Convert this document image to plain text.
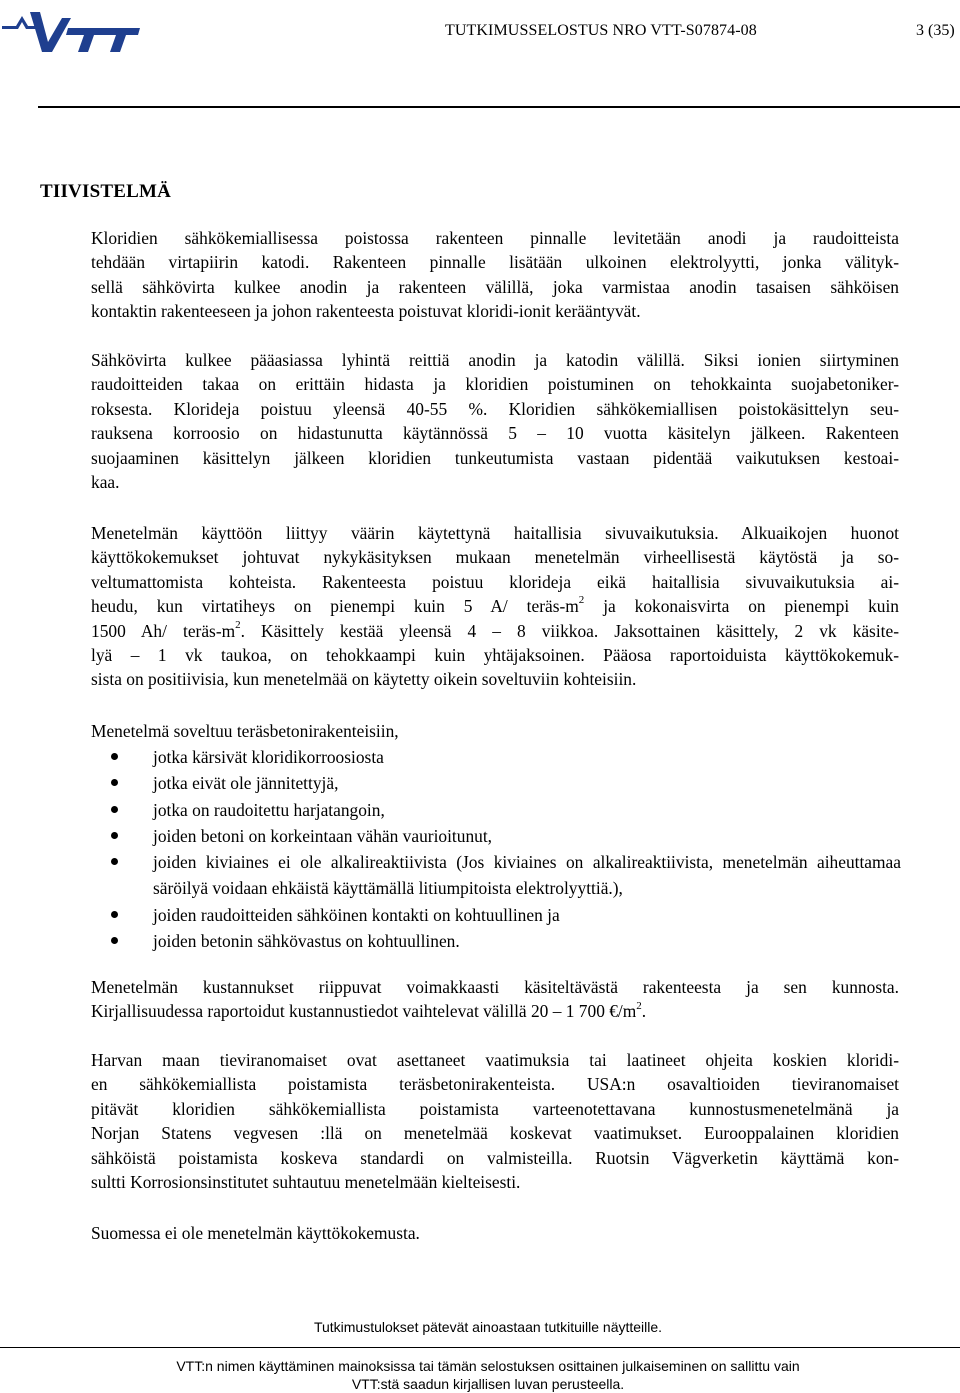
TUTKIMUSSELOSTUS NRO VTT-S07874-08	3 (35)
TIIVISTELMÄ
Kloridien sähkökemiallisessa poistossa rakenteen pinnalle levitetään anodi ja raudoitteista
tehdään virtapiirin katodi. Rakenteen pinnalle lisätään ulkoinen elektrolyytti, jonka välityk-
sellä sähkövirta kulkee anodin ja rakenteen välillä, joka varmistaa anodin tasaisen sähköisen
kontaktin rakenteeseen ja johon rakenteesta poistuvat kloridi-ionit kerääntyvät.
Sähkövirta kulkee pääasiassa lyhintä reittiä anodin ja katodin välillä. Siksi ionien siirtyminen
raudoitteiden takaa on erittäin hidasta ja kloridien poistuminen on tehokkainta suojabetoniker-
roksesta. Klorideja poistuu yleensä 40-55 %. Kloridien sähkökemiallisen poistokäsittelyn seu-
rauksena korroosio on hidastunutta käytännössä 5 – 10 vuotta käsitelyn jälkeen. Rakenteen
suojaaminen käsittelyn jälkeen kloridien tunkeutumista vastaan pidentää vaikutuksen kestoai-
kaa.
Menetelmän käyttöön liittyy väärin käytettynä haitallisia sivuvaikutuksia. Alkuaikojen huonot
käyttökokemukset johtuvat nykykäsityksen mukaan menetelmän virheellisestä käytöstä ja so-
veltumattomista kohteista. Rakenteesta poistuu klorideja eikä haitallisia sivuvaikutuksia ai-
heudu, kun virtatiheys on pienempi kuin 5 A/ teräs-$m^2$ ja kokonaisvirta on pienempi kuin
1500 Ah/ teräs-$m^2$. Käsittely kestää yleensä 4 – 8 viikkoa. Jaksottainen käsittely, 2 vk käsite-
lyä – 1 vk taukoa, on tehokkaampi kuin yhtäjaksoinen. Pääosa raportoiduista käyttökokemuk-
sista on positiivisia, kun menetelmää on käytetty oikein soveltuviin kohteisiin.
Menetelmä soveltuu teräsbetonirakenteisiin,
jotka kärsivät kloridikorroosiosta
jotka eivät ole jännitettyjä,
jotka on raudoitettu harjatangoin,
joiden betoni on korkeintaan vähän vaurioitunut,
joiden kiviaines ei ole alkalireaktiivista (Jos kiviaines on alkalireaktiivista, menetelmän aiheuttamaa säröilyä voidaan ehkäistä käyttämällä litiumpitoista elektrolyyttiä.),
joiden raudoitteiden sähköinen kontakti on kohtuullinen ja
joiden betonin sähkövastus on kohtuullinen.
Menetelmän kustannukset riippuvat voimakkaasti käsiteltävästä rakenteesta ja sen kunnosta.
Kirjallisuudessa raportoidut kustannustiedot vaihtelevat välillä 20 – 1 700 $€/m^2$.
Harvan maan tieviranomaiset ovat asettaneet vaatimuksia tai laatineet ohjeita koskien kloridi-
en sähkökemiallista poistamista teräsbetonirakenteista. USA:n osavaltioiden tieviranomaiset
pitävät kloridien sähkökemiallista poistamista varteenotettavana kunnostusmenetelmänä ja
Norjan Statens vegvesen :llä on menetelmää koskevat vaatimukset. Eurooppalainen kloridien
sähköistä poistamista koskeva standardi on valmisteilla. Ruotsin Vägverketin käyttämä kon-
sultti Korrosionsinstitutet suhtautuu menetelmään kielteisesti.
Suomessa ei ole menetelmän käyttökokemusta.
Tutkimustulokset pätevät ainoastaan tutkituille näytteille.
VTT:n nimen käyttäminen mainoksissa tai tämän selostuksen osittainen julkaiseminen on sallittu vain
VTT:stä saadun kirjallisen luvan perusteella.
